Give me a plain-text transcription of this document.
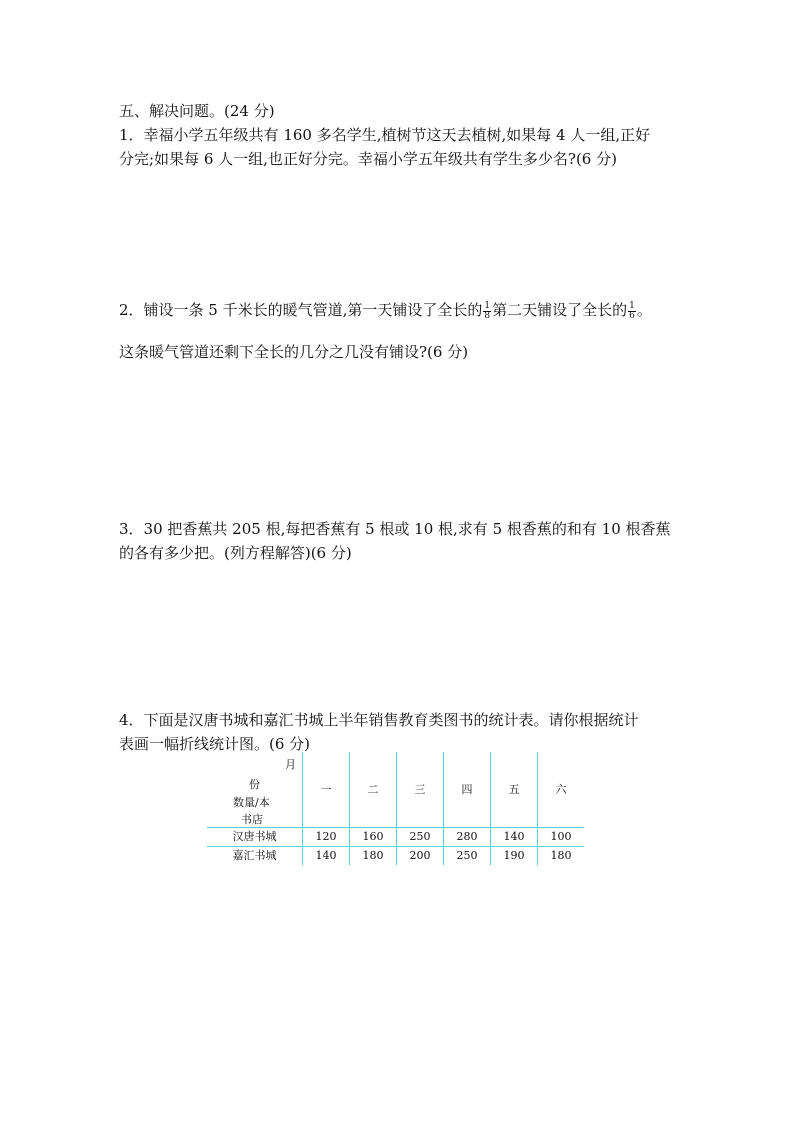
五、解决问题。(24 分)
1．幸福小学五年级共有 160 多名学生,植树节这天去植树,如果每 4 人一组,正好
分完;如果每 6 人一组,也正好分完。幸福小学五年级共有学生多少名?(6 分)
2．铺设一条 5 千米长的暖气管道,第一天铺设了全长的 $\frac{1}{8}$ 第二天铺设了全长的 $\frac{1}{6}$ 。
这条暖气管道还剩下全长的几分之几没有铺设?(6 分)
3．30 把香蕉共 205 根,每把香蕉有 5 根或 10 根,求有 5 根香蕉的和有 10 根香蕉
的各有多少把。(列方程解答)(6 分)
4．下面是汉唐书城和嘉汇书城上半年销售教育类图书的统计表。请你根据统计
表画一幅折线统计图。(6 分)
月
份
数量/本
书店	一	二	三	四	五	六
汉唐书城	120	160	250	280	140	100
嘉汇书城	140	180	200	250	190	180
